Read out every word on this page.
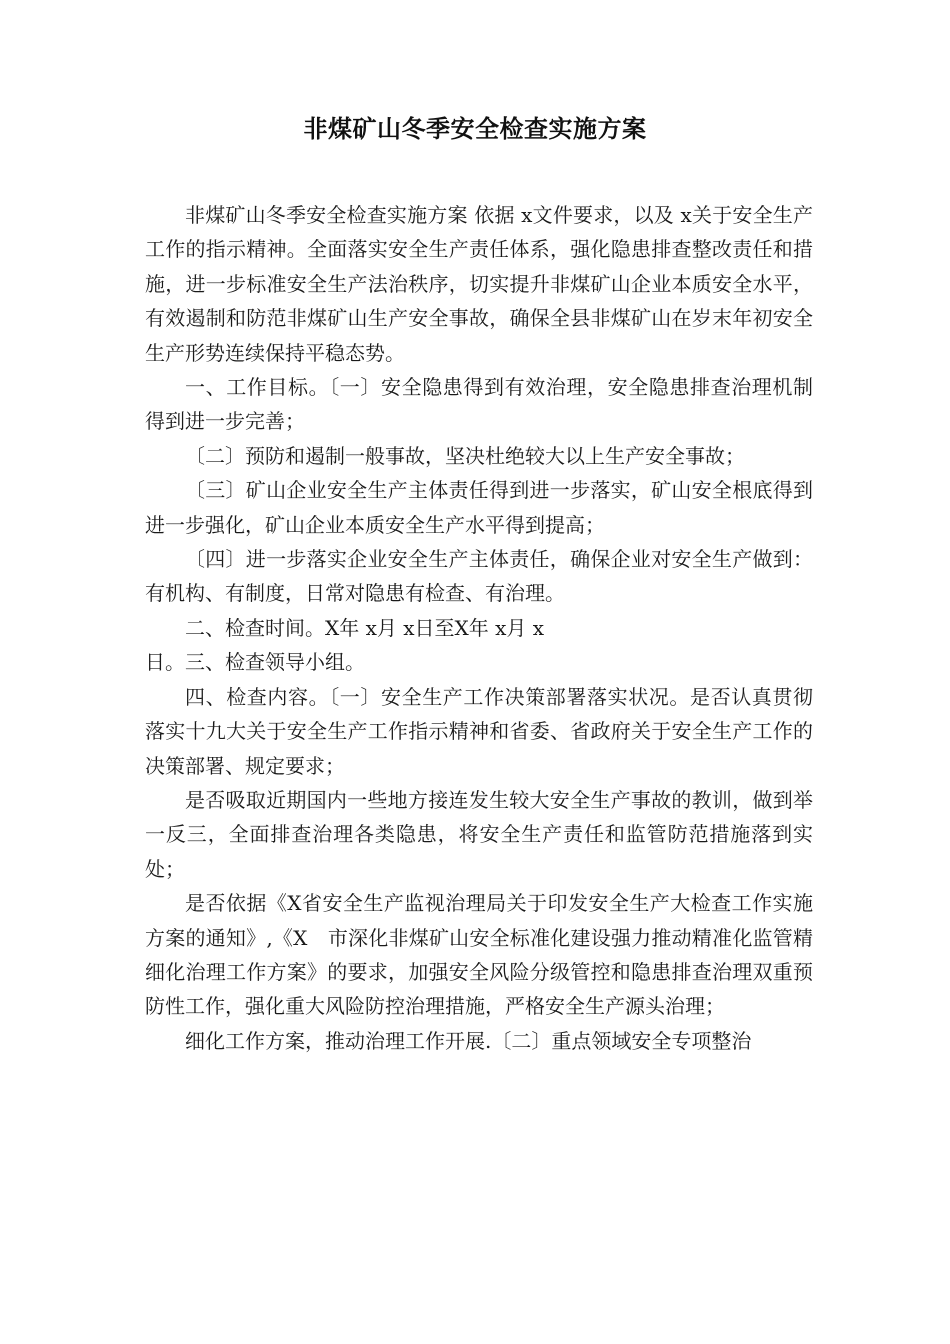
非煤矿山冬季安全检查实施方案

非煤矿山冬季安全检查实施方案 依据 x文件要求，以及 x关于安全生产工作的指示精神。全面落实安全生产责任体系，强化隐患排查整改责任和措施，进一步标准安全生产法治秩序，切实提升非煤矿山企业本质安全水平，有效遏制和防范非煤矿山生产安全事故，确保全县非煤矿山在岁末年初安全生产形势连续保持平稳态势。

一、工作目标。〔一〕安全隐患得到有效治理，安全隐患排查治理机制得到进一步完善；

〔二〕预防和遏制一般事故，坚决杜绝较大以上生产安全事故；

〔三〕矿山企业安全生产主体责任得到进一步落实，矿山安全根底得到进一步强化，矿山企业本质安全生产水平得到提高；

〔四〕进一步落实企业安全生产主体责任，确保企业对安全生产做到：有机构、有制度，日常对隐患有检查、有治理。

二、检查时间。X年 x月 x日至X年 x月 x

日。三、检查领导小组。

四、检查内容。〔一〕安全生产工作决策部署落实状况。是否认真贯彻落实十九大关于安全生产工作指示精神和省委、省政府关于安全生产工作的决策部署、规定要求；

是否吸取近期国内一些地方接连发生较大安全生产事故的教训，做到举一反三，全面排查治理各类隐患，将安全生产责任和监管防范措施落到实处；

是否依据《X省安全生产监视治理局关于印发安全生产大检查工作实施方案的通知》,《X　市深化非煤矿山安全标准化建设强力推动精准化监管精细化治理工作方案》的要求，加强安全风险分级管控和隐患排查治理双重预防性工作，强化重大风险防控治理措施，严格安全生产源头治理；

细化工作方案，推动治理工作开展.〔二〕重点领域安全专项整治
